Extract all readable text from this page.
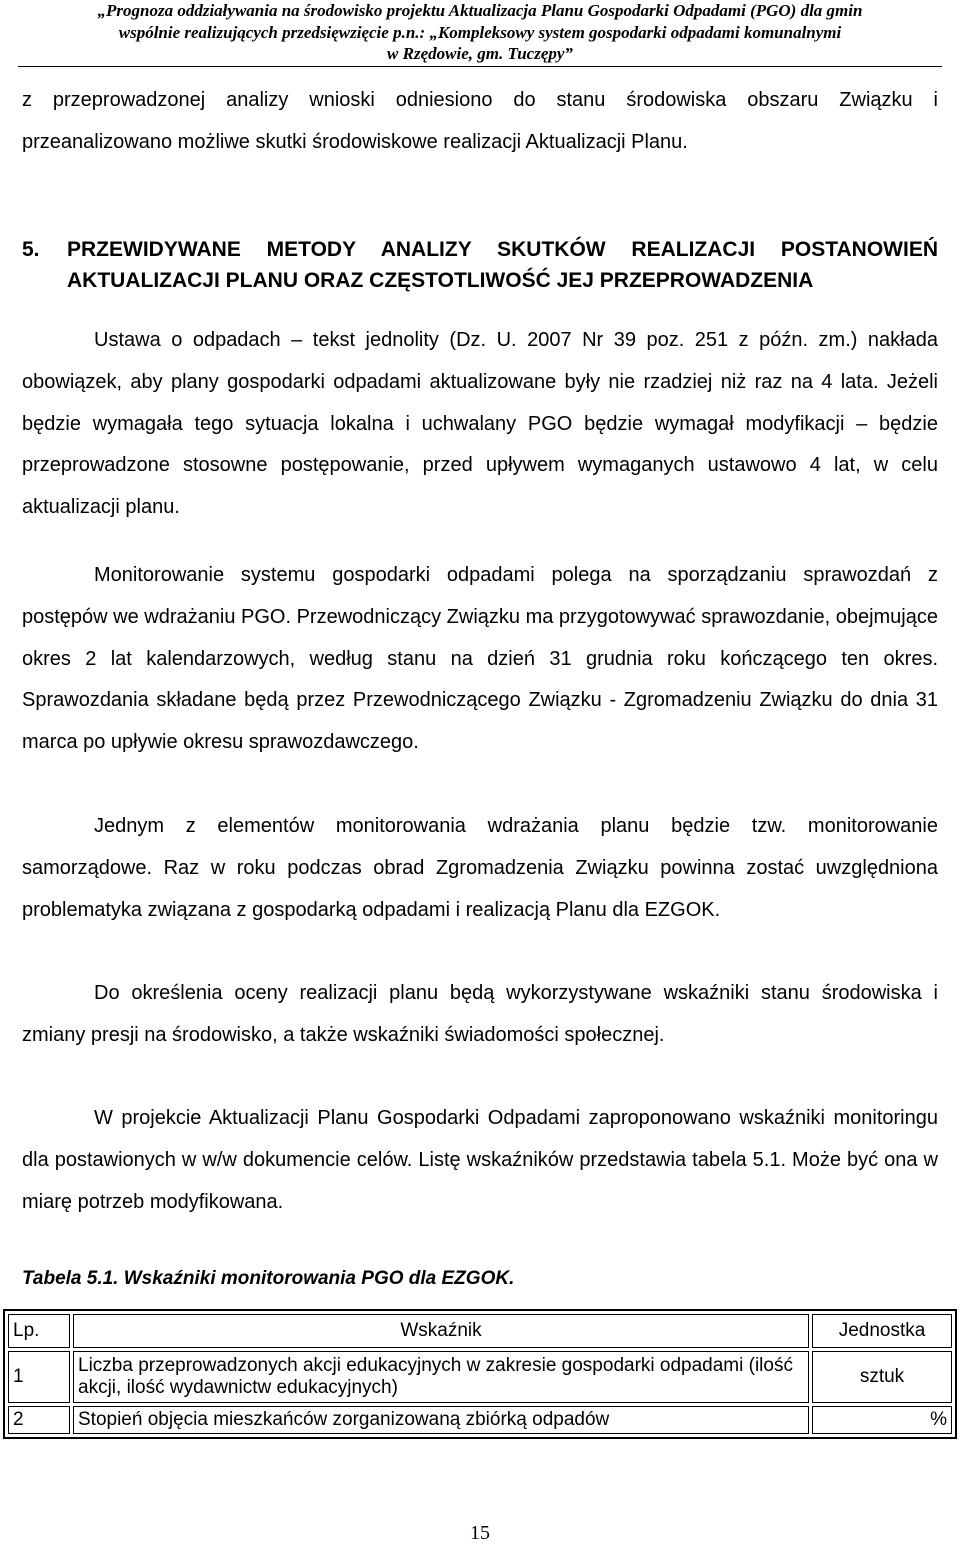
„Prognoza oddziaływania na środowisko projektu Aktualizacja Planu Gospodarki Odpadami (PGO) dla gmin
wspólnie realizujących przedsięwzięcie p.n.: „Kompleksowy system gospodarki odpadami komunalnymi
w Rzędowie, gm. Tuczępy”

z przeprowadzonej analizy wnioski odniesiono do stanu środowiska obszaru Związku i przeanalizowano możliwe skutki środowiskowe realizacji Aktualizacji Planu.

5. PRZEWIDYWANE METODY ANALIZY SKUTKÓW REALIZACJI POSTANOWIEŃ AKTUALIZACJI PLANU ORAZ CZĘSTOTLIWOŚĆ JEJ PRZEPROWADZENIA

Ustawa o odpadach – tekst jednolity (Dz. U. 2007 Nr 39 poz. 251 z późn. zm.) nakłada obowiązek, aby plany gospodarki odpadami aktualizowane były nie rzadziej niż raz na 4 lata. Jeżeli będzie wymagała tego sytuacja lokalna i uchwalany PGO będzie wymagał modyfikacji – będzie przeprowadzone stosowne postępowanie, przed upływem wymaganych ustawowo 4 lat, w celu aktualizacji planu.

Monitorowanie systemu gospodarki odpadami polega na sporządzaniu sprawozdań z postępów we wdrażaniu PGO. Przewodniczący Związku ma przygotowywać sprawozdanie, obejmujące okres 2 lat kalendarzowych, według stanu na dzień 31 grudnia roku kończącego ten okres. Sprawozdania składane będą przez Przewodniczącego Związku - Zgromadzeniu Związku do dnia 31 marca po upływie okresu sprawozdawczego.

Jednym z elementów monitorowania wdrażania planu będzie tzw. monitorowanie samorządowe. Raz w roku podczas obrad Zgromadzenia Związku powinna zostać uwzględniona problematyka związana z gospodarką odpadami i realizacją Planu dla EZGOK.

Do określenia oceny realizacji planu będą wykorzystywane wskaźniki stanu środowiska i zmiany presji na środowisko, a także wskaźniki świadomości społecznej.

W projekcie Aktualizacji Planu Gospodarki Odpadami zaproponowano wskaźniki monitoringu dla postawionych w w/w dokumencie celów. Listę wskaźników przedstawia tabela 5.1. Może być ona w miarę potrzeb modyfikowana.

Tabela 5.1. Wskaźniki monitorowania PGO dla EZGOK.
Lp.	Wskaźnik	Jednostka
1	Liczba przeprowadzonych akcji edukacyjnych w zakresie gospodarki odpadami (ilość akcji, ilość wydawnictw edukacyjnych)	sztuk
2	Stopień objęcia mieszkańców zorganizowaną zbiórką odpadów	%
15
